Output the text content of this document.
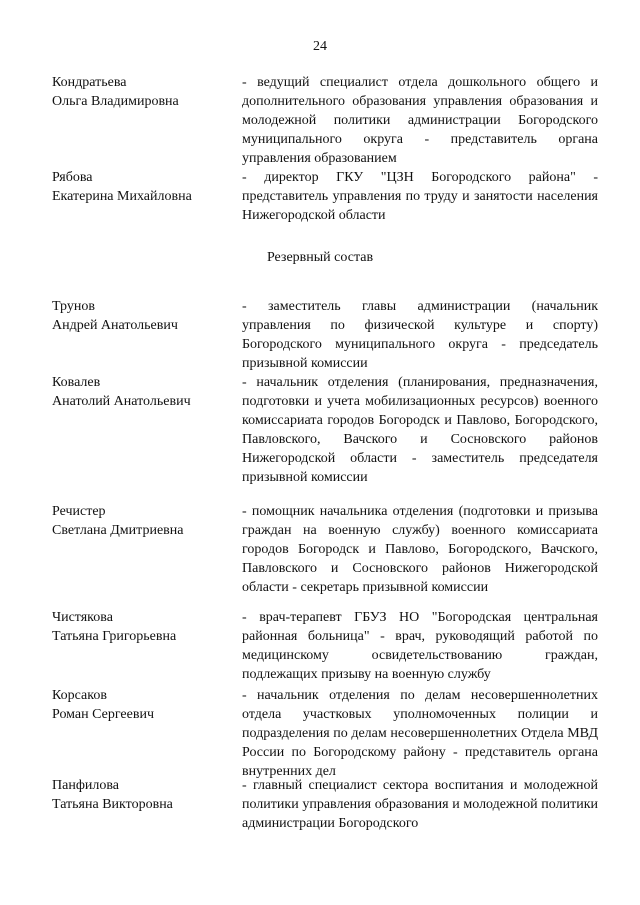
24
Кондратьева
Ольга Владимировна
- ведущий специалист отдела дошкольного общего и дополнительного образования управления образования и молодежной политики администрации Богородского муниципального округа - представитель органа управления образованием
Рябова
Екатерина Михайловна
- директор ГКУ "ЦЗН Богородского района" - представитель управления по труду и занятости населения Нижегородской области
Резервный состав
Трунов
Андрей Анатольевич
- заместитель главы администрации (начальник управления по физической культуре и спорту) Богородского муниципального округа - председатель призывной комиссии
Ковалев
Анатолий Анатольевич
- начальник отделения (планирования, предназначения, подготовки и учета мобилизационных ресурсов) военного комиссариата городов Богородск и Павлово, Богородского, Павловского, Вачского и Сосновского районов Нижегородской области - заместитель председателя призывной комиссии
Речистер
Светлана Дмитриевна
- помощник начальника отделения (подготовки и призыва граждан на военную службу) военного комиссариата городов Богородск и Павлово, Богородского, Вачского, Павловского и Сосновского районов Нижегородской области - секретарь призывной комиссии
Чистякова
Татьяна Григорьевна
- врач-терапевт ГБУЗ НО "Богородская центральная районная больница" - врач, руководящий работой по медицинскому освидетельствованию граждан, подлежащих призыву на военную службу
Корсаков
Роман Сергеевич
- начальник отделения по делам несовершеннолетних отдела участковых уполномоченных полиции и подразделения по делам несовершеннолетних Отдела МВД России по Богородскому району - представитель органа внутренних дел
Панфилова
Татьяна Викторовна
- главный специалист сектора воспитания и молодежной политики управления образования и молодежной политики администрации Богородского
